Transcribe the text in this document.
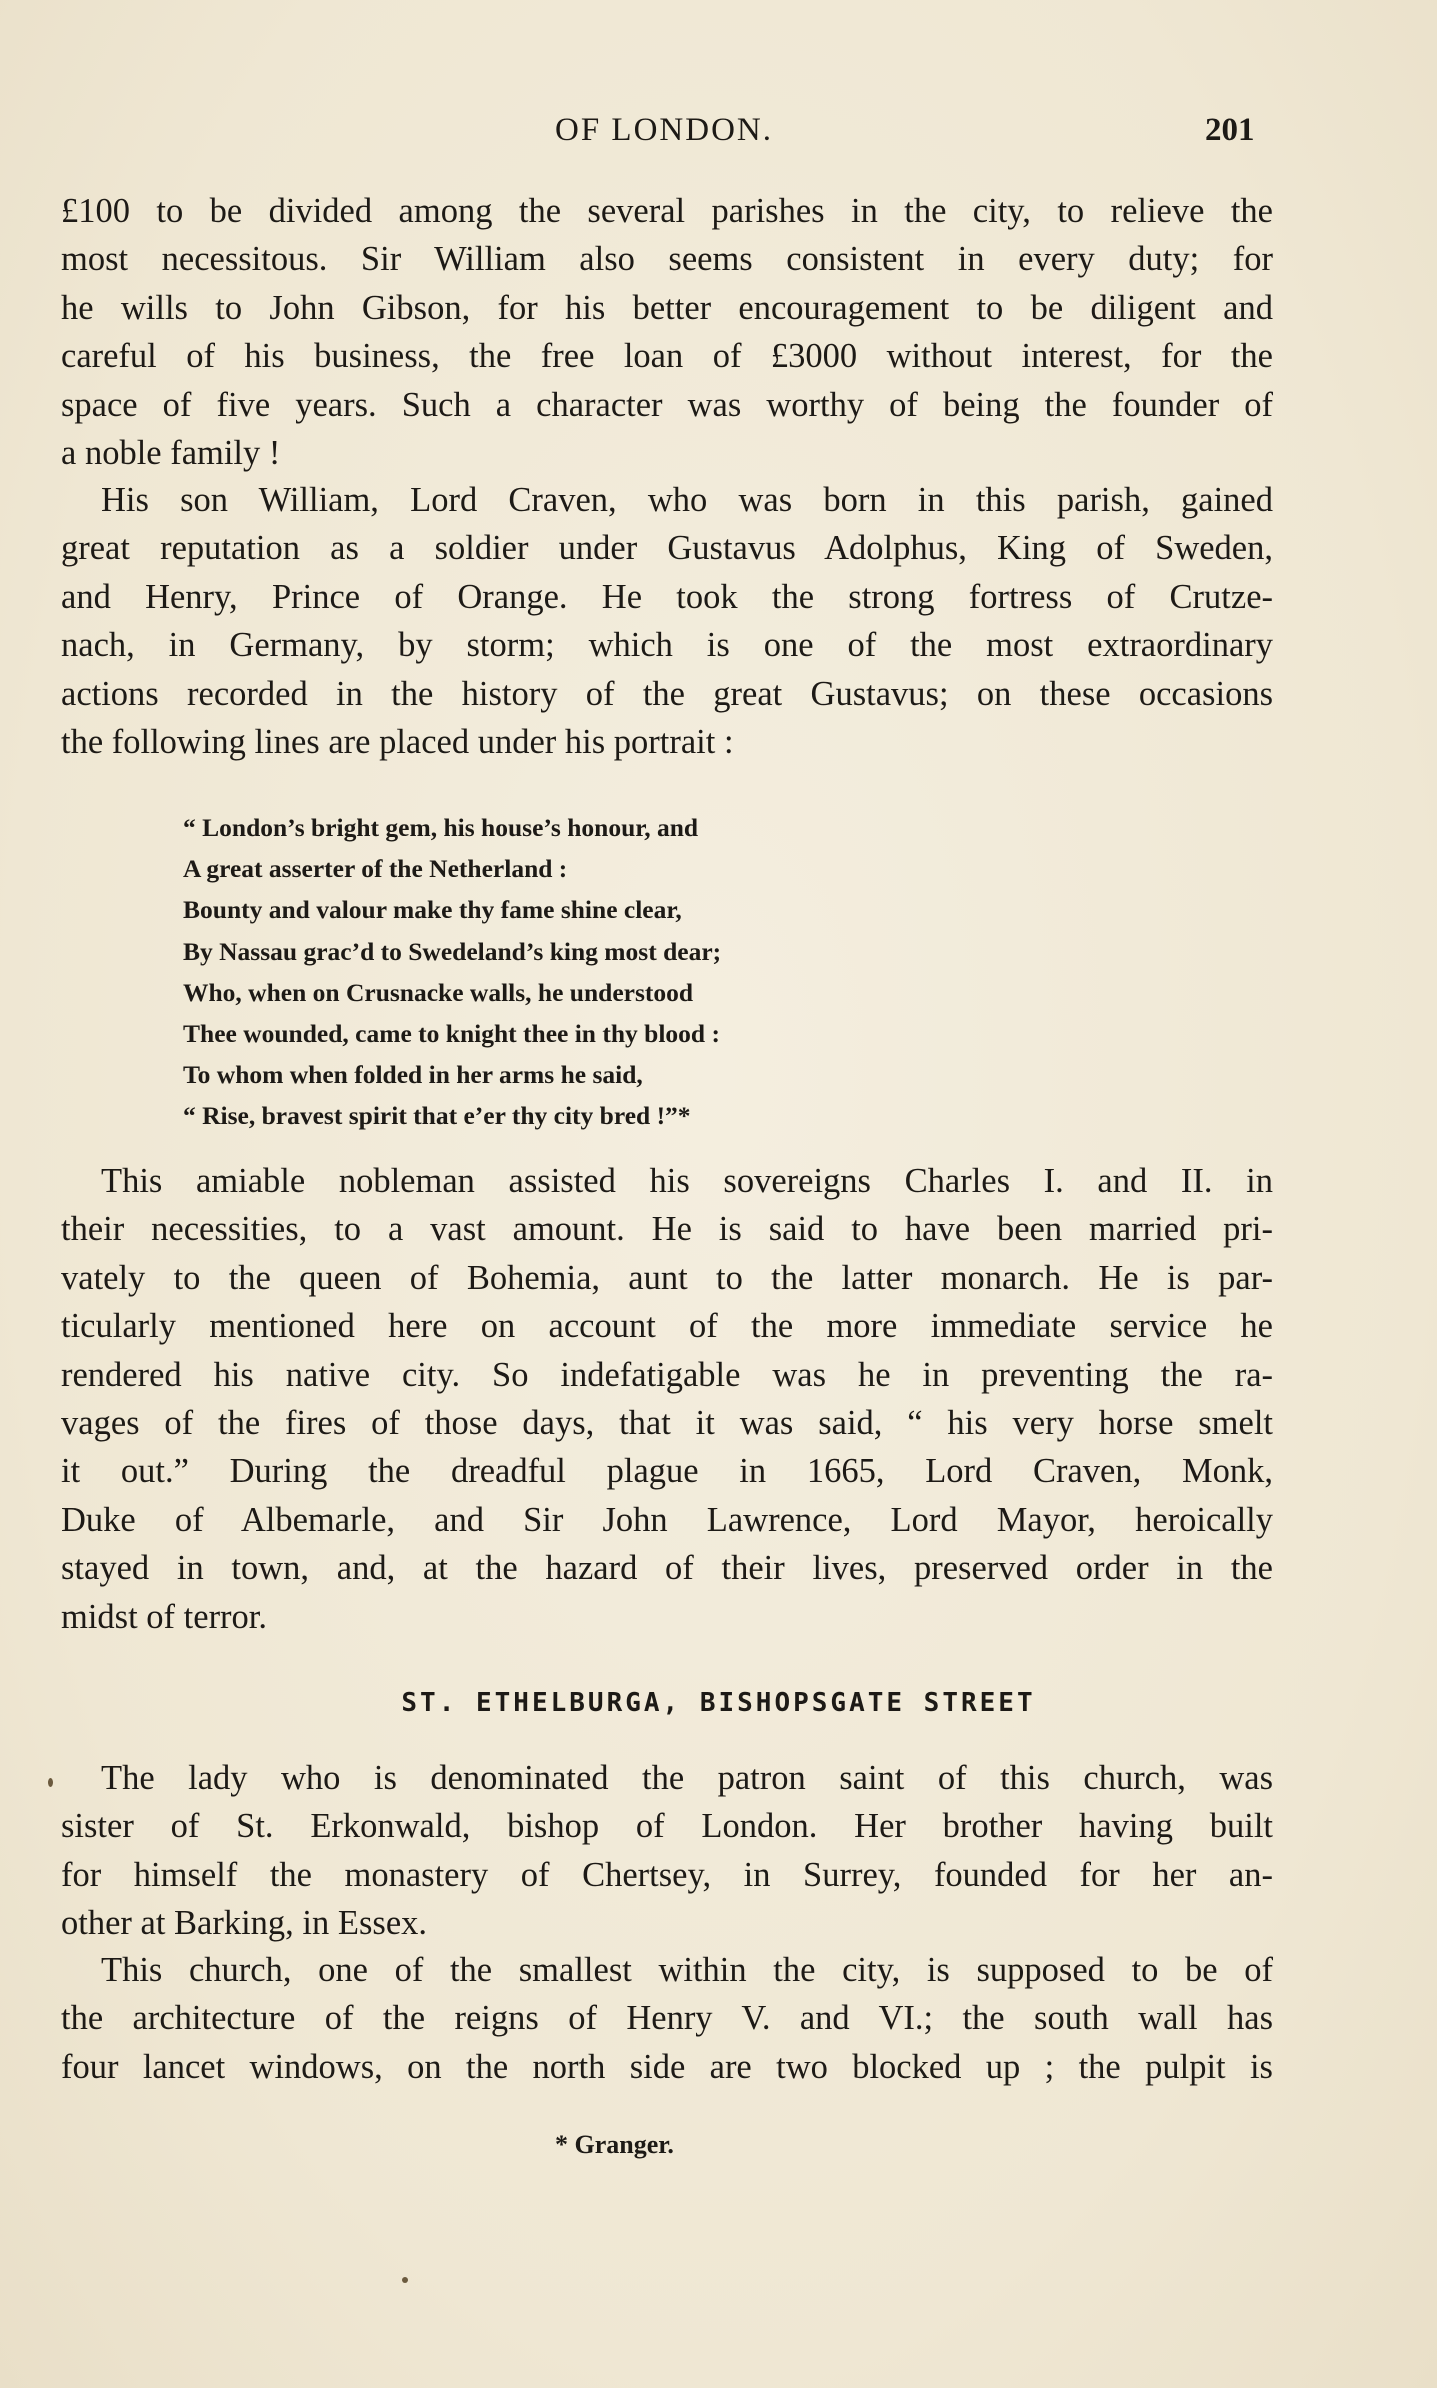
OF LONDON.	201

£100 to be divided among the several parishes in the city, to relieve the
most necessitous. Sir William also seems consistent in every duty; for
he wills to John Gibson, for his better encouragement to be diligent and
careful of his business, the free loan of £3000 without interest, for the
space of five years. Such a character was worthy of being the founder of
a noble family !

His son William, Lord Craven, who was born in this parish, gained
great reputation as a soldier under Gustavus Adolphus, King of Sweden,
and Henry, Prince of Orange. He took the strong fortress of Crutze-
nach, in Germany, by storm; which is one of the most extraordinary
actions recorded in the history of the great Gustavus; on these occasions
the following lines are placed under his portrait :

“ London’s bright gem, his house’s honour, and
A great asserter of the Netherland :
Bounty and valour make thy fame shine clear,
By Nassau grac’d to Swedeland’s king most dear;
Who, when on Crusnacke walls, he understood
Thee wounded, came to knight thee in thy blood :
To whom when folded in her arms he said,
“ Rise, bravest spirit that e’er thy city bred !”*

This amiable nobleman assisted his sovereigns Charles I. and II. in
their necessities, to a vast amount. He is said to have been married pri-
vately to the queen of Bohemia, aunt to the latter monarch. He is par-
ticularly mentioned here on account of the more immediate service he
rendered his native city. So indefatigable was he in preventing the ra-
vages of the fires of those days, that it was said, “ his very horse smelt
it out.” During the dreadful plague in 1665, Lord Craven, Monk,
Duke of Albemarle, and Sir John Lawrence, Lord Mayor, heroically
stayed in town, and, at the hazard of their lives, preserved order in the
midst of terror.

ST. ETHELBURGA, BISHOPSGATE STREET

The lady who is denominated the patron saint of this church, was
sister of St. Erkonwald, bishop of London. Her brother having built
for himself the monastery of Chertsey, in Surrey, founded for her an-
other at Barking, in Essex.

This church, one of the smallest within the city, is supposed to be of
the architecture of the reigns of Henry V. and VI.; the south wall has
four lancet windows, on the north side are two blocked up ; the pulpit is

* Granger.
